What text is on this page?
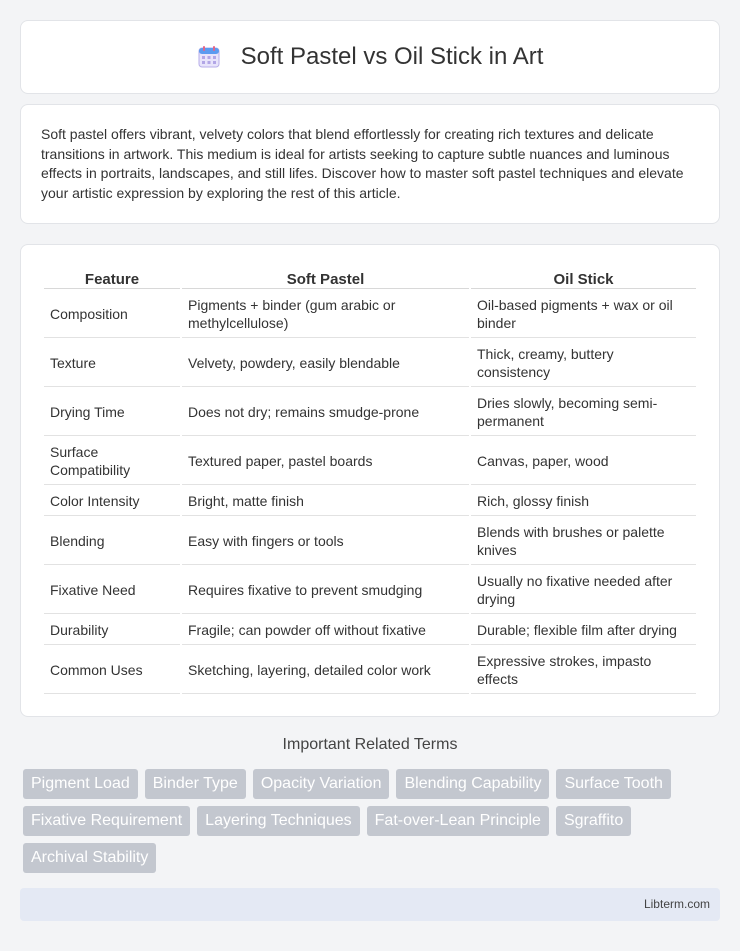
Soft Pastel vs Oil Stick in Art

Soft pastel offers vibrant, velvety colors that blend effortlessly for creating rich textures and delicate transitions in artwork. This medium is ideal for artists seeking to capture subtle nuances and luminous effects in portraits, landscapes, and still lifes. Discover how to master soft pastel techniques and elevate your artistic expression by exploring the rest of this article.

Feature	Soft Pastel	Oil Stick
Composition	Pigments + binder (gum arabic or methylcellulose)	Oil-based pigments + wax or oil binder
Texture	Velvety, powdery, easily blendable	Thick, creamy, buttery consistency
Drying Time	Does not dry; remains smudge-prone	Dries slowly, becoming semi-permanent
Surface Compatibility	Textured paper, pastel boards	Canvas, paper, wood
Color Intensity	Bright, matte finish	Rich, glossy finish
Blending	Easy with fingers or tools	Blends with brushes or palette knives
Fixative Need	Requires fixative to prevent smudging	Usually no fixative needed after drying
Durability	Fragile; can powder off without fixative	Durable; flexible film after drying
Common Uses	Sketching, layering, detailed color work	Expressive strokes, impasto effects
Important Related Terms
Pigment Load	Binder Type	Opacity Variation	Blending Capability	Surface Tooth
Fixative Requirement	Layering Techniques	Fat-over-Lean Principle	Sgraffito
Archival Stability
Libterm.com
